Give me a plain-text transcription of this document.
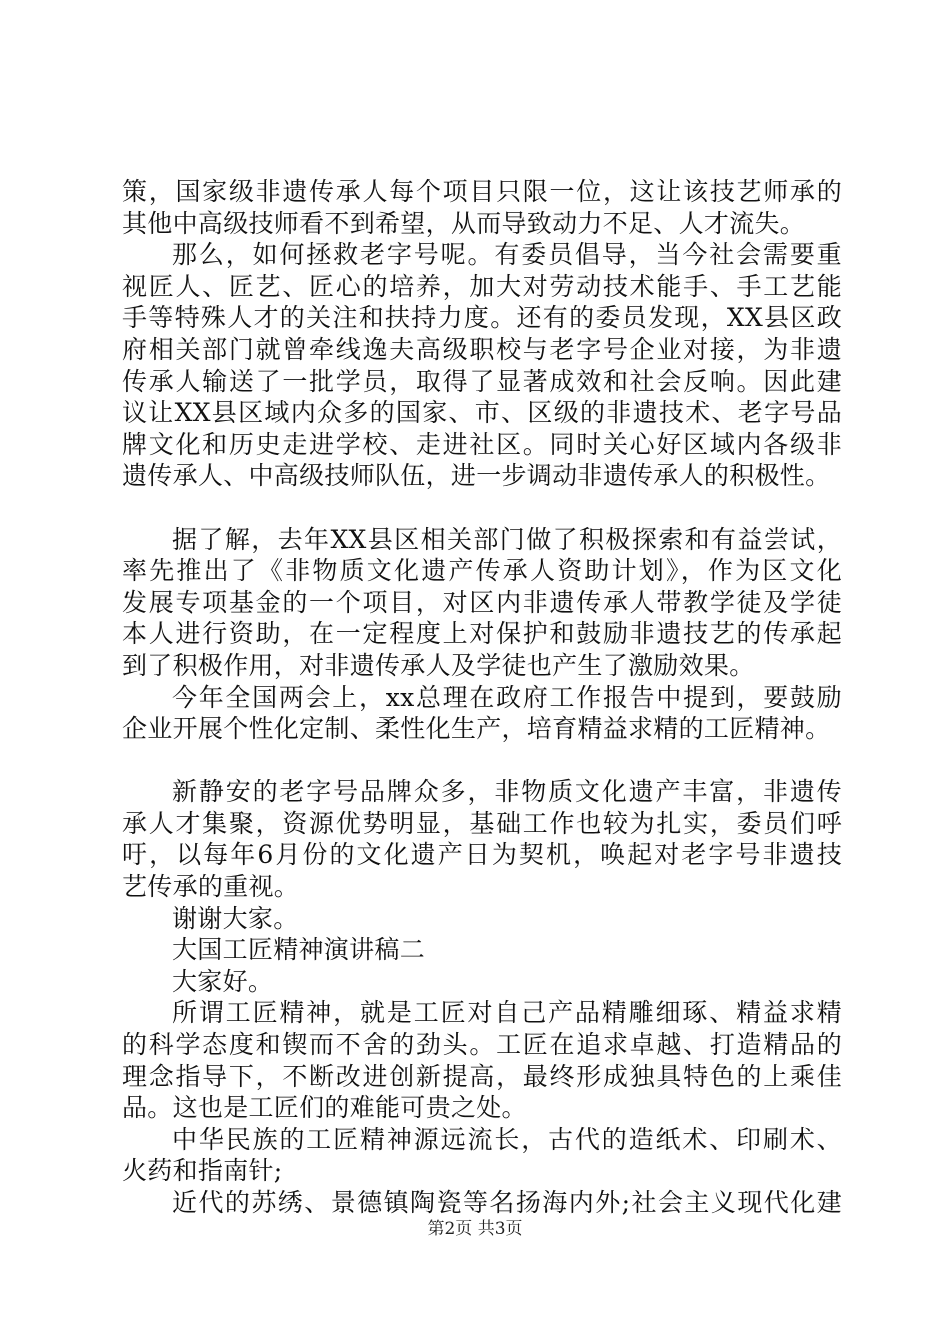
策，国家级非遗传承人每个项目只限一位，这让该技艺师承的
其他中高级技师看不到希望，从而导致动力不足、人才流失。
那么，如何拯救老字号呢。有委员倡导，当今社会需要重
视匠人、匠艺、匠心的培养，加大对劳动技术能手、手工艺能
手等特殊人才的关注和扶持力度。还有的委员发现，XX县区政
府相关部门就曾牵线逸夫高级职校与老字号企业对接，为非遗
传承人输送了一批学员，取得了显著成效和社会反响。因此建
议让XX县区域内众多的国家、市、区级的非遗技术、老字号品
牌文化和历史走进学校、走进社区。同时关心好区域内各级非
遗传承人、中高级技师队伍，进一步调动非遗传承人的积极性。
据了解，去年XX县区相关部门做了积极探索和有益尝试，
率先推出了《非物质文化遗产传承人资助计划》，作为区文化
发展专项基金的一个项目，对区内非遗传承人带教学徒及学徒
本人进行资助，在一定程度上对保护和鼓励非遗技艺的传承起
到了积极作用，对非遗传承人及学徒也产生了激励效果。
今年全国两会上，xx总理在政府工作报告中提到，要鼓励
企业开展个性化定制、柔性化生产，培育精益求精的工匠精神。
新静安的老字号品牌众多，非物质文化遗产丰富，非遗传
承人才集聚，资源优势明显，基础工作也较为扎实，委员们呼
吁，以每年6月份的文化遗产日为契机，唤起对老字号非遗技
艺传承的重视。
谢谢大家。
大国工匠精神演讲稿二
大家好。
所谓工匠精神，就是工匠对自己产品精雕细琢、精益求精
的科学态度和锲而不舍的劲头。工匠在追求卓越、打造精品的
理念指导下，不断改进创新提高，最终形成独具特色的上乘佳
品。这也是工匠们的难能可贵之处。
中华民族的工匠精神源远流长，古代的造纸术、印刷术、
火药和指南针;
近代的苏绣、景德镇陶瓷等名扬海内外;社会主义现代化建
第2页 共3页
